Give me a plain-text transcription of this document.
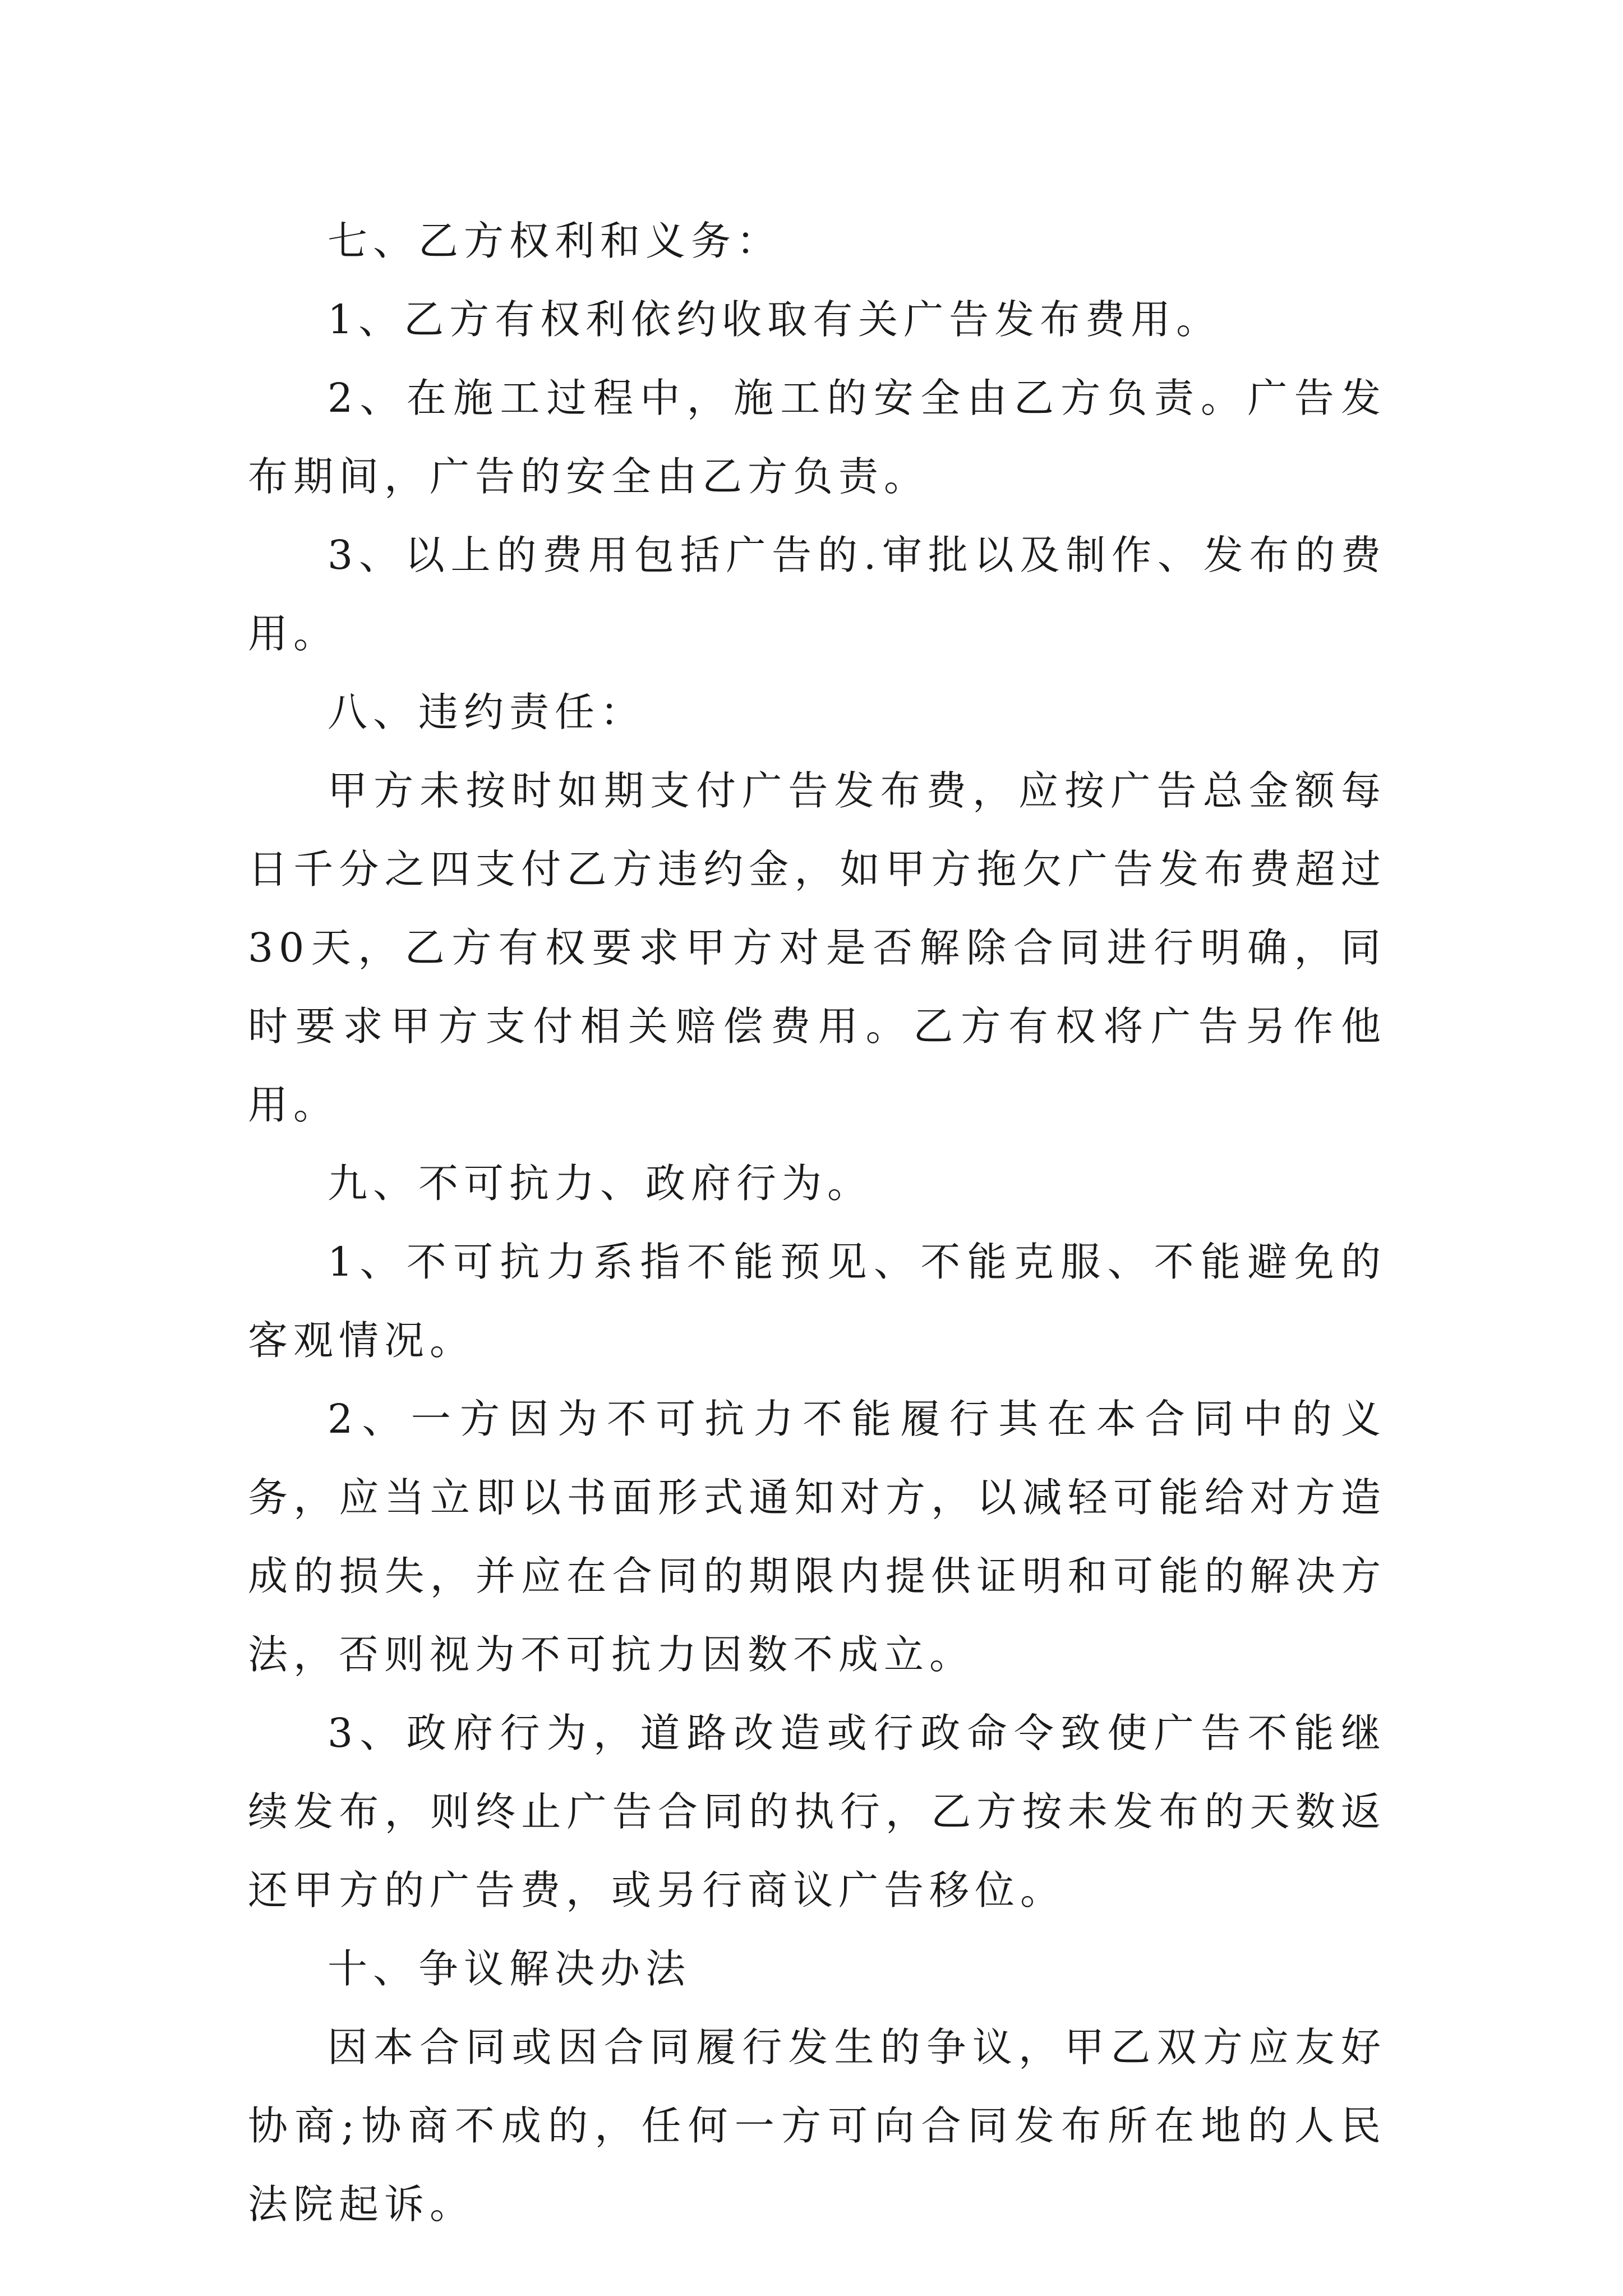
七、乙方权利和义务：

1、乙方有权利依约收取有关广告发布费用。

2、在施工过程中，施工的安全由乙方负责。广告发布期间，广告的安全由乙方负责。

3、以上的费用包括广告的.审批以及制作、发布的费用。

八、违约责任：

甲方未按时如期支付广告发布费，应按广告总金额每日千分之四支付乙方违约金，如甲方拖欠广告发布费超过30天，乙方有权要求甲方对是否解除合同进行明确，同时要求甲方支付相关赔偿费用。乙方有权将广告另作他用。

九、不可抗力、政府行为。

1、不可抗力系指不能预见、不能克服、不能避免的客观情况。

2、一方因为不可抗力不能履行其在本合同中的义务，应当立即以书面形式通知对方，以减轻可能给对方造成的损失，并应在合同的期限内提供证明和可能的解决方法，否则视为不可抗力因数不成立。

3、政府行为，道路改造或行政命令致使广告不能继续发布，则终止广告合同的执行，乙方按未发布的天数返还甲方的广告费，或另行商议广告移位。

十、争议解决办法

因本合同或因合同履行发生的争议，甲乙双方应友好协商;协商不成的，任何一方可向合同发布所在地的人民法院起诉。
